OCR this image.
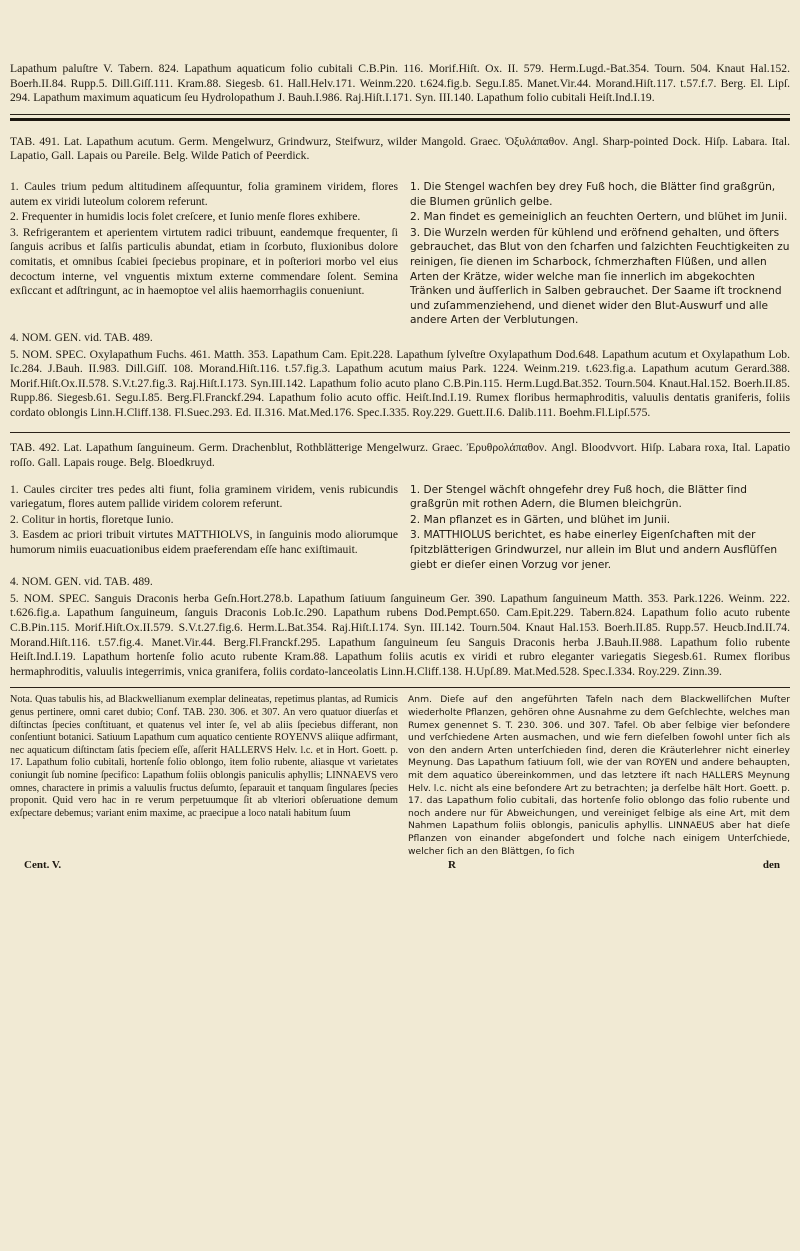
Lapathum paluſtre V. Tabern. 824. Lapathum aquaticum folio cubitali C.B.Pin. 116. Morif.Hiſt. Ox. II. 579. Herm.Lugd.-Bat.354. Tourn. 504. Knaut Hal.152. Boerh.II.84. Rupp.5. Dill.Giſſ.111. Kram.88. Siegesb. 61. Hall.Helv.171. Weinm.220. t.624.fig.b. Segu.I.85. Manet.Vir.44. Morand.Hiſt.117. t.57.f.7. Berg. El. Lipſ. 294. Lapathum maximum aquaticum ſeu Hydrolopathum J. Bauh.I.986. Raj.Hiſt.I.171. Syn. III.140. Lapathum folio cubitali Heiſt.Ind.I.19.

TAB. 491. Lat. Lapathum acutum. Germ. Mengelwurz, Grindwurz, Steifwurz, wilder Mangold. Graec. Ὀξυλάπαθον. Angl. Sharp-pointed Dock. Hiſp. Labara. Ital. Lapatio, Gall. Lapais ou Pareile. Belg. Wilde Patich of Peerdick.

1. Caules trium pedum altitudinem aſſequuntur, folia graminem viridem, flores autem ex viridi luteolum colorem referunt.

2. Frequenter in humidis locis folet creſcere, et Iunio menſe flores exhibere.

3. Refrigerantem et aperientem virtutem radici tribuunt, eandemque frequenter, ſi ſanguis acribus et ſalſis particulis abundat, etiam in ſcorbuto, fluxionibus dolore comitatis, et omnibus ſcabiei ſpeciebus propinare, et in poſteriori morbo vel eius decoctum interne, vel vnguentis mixtum externe commendare ſolent. Semina exſiccant et adſtringunt, ac in haemoptoe vel aliis haemorrhagiis conueniunt.

1. Die Stengel wachſen bey drey Fuß hoch, die Blätter ſind graßgrün, die Blumen grünlich gelbe.

2. Man findet es gemeiniglich an feuchten Oertern, und blühet im Junii.

3. Die Wurzeln werden für kühlend und eröfnend gehalten, und öfters gebrauchet, das Blut von den ſcharfen und ſalzichten Feuchtigkeiten zu reinigen, ſie dienen im Scharbock, ſchmerzhaften Flüßen, und allen Arten der Krätze, wider welche man ſie innerlich im abgekochten Tränken und äuſſerlich in Salben gebrauchet. Der Saame iſt trocknend und zuſammenziehend, und dienet wider den Blut-Auswurf und alle andere Arten der Verblutungen.

4. NOM. GEN. vid. TAB. 489.

5. NOM. SPEC. Oxylapathum Fuchs. 461. Matth. 353. Lapathum Cam. Epit.228. Lapathum ſylveſtre Oxylapathum Dod.648. Lapathum acutum et Oxylapathum Lob. Ic.284. J.Bauh. II.983. Dill.Giſſ. 108. Morand.Hiſt.116. t.57.fig.3. Lapathum acutum maius Park. 1224. Weinm.219. t.623.fig.a. Lapathum acutum Gerard.388. Morif.Hiſt.Ox.II.578. S.V.t.27.fig.3. Raj.Hiſt.I.173. Syn.III.142. Lapathum folio acuto plano C.B.Pin.115. Herm.Lugd.Bat.352. Tourn.504. Knaut.Hal.152. Boerh.II.85. Rupp.86. Siegesb.61. Segu.I.85. Berg.Fl.Franckf.294. Lapathum folio acuto offic. Heiſt.Ind.I.19. Rumex floribus hermaphroditis, valuulis dentatis graniferis, foliis cordato oblongis Linn.H.Cliff.138. Fl.Suec.293. Ed. II.316. Mat.Med.176. Spec.I.335. Roy.229. Guett.II.6. Dalib.111. Boehm.Fl.Lipſ.575.

TAB. 492. Lat. Lapathum ſanguineum. Germ. Drachenblut, Rothblätterige Mengelwurz. Graec. Ἐρυθρολάπαθον. Angl. Bloodvvort. Hiſp. Labara roxa, Ital. Lapatio roſſo. Gall. Lapais rouge. Belg. Bloedkruyd.

1. Caules circiter tres pedes alti fiunt, folia graminem viridem, venis rubicundis variegatum, flores autem pallide viridem colorem referunt.

2. Colitur in hortis, floretque Iunio.

3. Easdem ac priori tribuit virtutes MATTHIOLVS, in ſanguinis modo aliorumque humorum nimiis euacuationibus eidem praeferendam eſſe hanc exiſtimauit.

1. Der Stengel wächſt ohngefehr drey Fuß hoch, die Blätter ſind graßgrün mit rothen Adern, die Blumen bleichgrün.

2. Man pflanzet es in Gärten, und blühet im Junii.

3. MATTHIOLUS berichtet, es habe einerley Eigenſchaften mit der ſpitzblätterigen Grindwurzel, nur allein im Blut und andern Ausflüſſen giebt er dieſer einen Vorzug vor jener.

4. NOM. GEN. vid. TAB. 489.

5. NOM. SPEC. Sanguis Draconis herba Geſn.Hort.278.b. Lapathum ſatiuum ſanguineum Ger. 390. Lapathum ſanguineum Matth. 353. Park.1226. Weinm. 222. t.626.fig.a. Lapathum ſanguineum, ſanguis Draconis Lob.Ic.290. Lapathum rubens Dod.Pempt.650. Cam.Epit.229. Tabern.824. Lapathum folio acuto rubente C.B.Pin.115. Morif.Hiſt.Ox.II.579. S.V.t.27.fig.6. Herm.L.Bat.354. Raj.Hiſt.I.174. Syn. III.142. Tourn.504. Knaut Hal.153. Boerh.II.85. Rupp.57. Heucb.Ind.II.74. Morand.Hiſt.116. t.57.fig.4. Manet.Vir.44. Berg.Fl.Franckf.295. Lapathum ſanguineum ſeu Sanguis Draconis herba J.Bauh.II.988. Lapathum folio rubente Heiſt.Ind.I.19. Lapathum hortenſe folio acuto rubente Kram.88. Lapathum foliis acutis ex viridi et rubro eleganter variegatis Siegesb.61. Rumex floribus hermaphroditis, valuulis integerrimis, vnica granifera, foliis cordato-lanceolatis Linn.H.Cliff.138. H.Upſ.89. Mat.Med.528. Spec.I.334. Roy.229. Zinn.39.

Nota. Quas tabulis his, ad Blackwellianum exemplar delineatas, repetimus plantas, ad Rumicis genus pertinere, omni caret dubio; Conf. TAB. 230. 306. et 307. An vero quatuor diuerſas et diſtinctas ſpecies conſtituant, et quatenus vel inter ſe, vel ab aliis ſpeciebus differant, non conſentiunt botanici. Satiuum Lapathum cum aquatico centiente ROYENVS aliique adfirmant, nec aquaticum diſtinctam ſatis ſpeciem eſſe, aſſerit HALLERVS Helv. l.c. et in Hort. Goett. p. 17. Lapathum folio cubitali, hortenſe folio oblongo, item folio rubente, aliasque vt varietates coniungit ſub nomine ſpecifico: Lapathum foliis oblongis paniculis aphyllis; LINNAEVS vero omnes, charactere in primis a valuulis fructus deſumto, ſeparauit et tanquam ſingulares ſpecies proponit. Quid vero hac in re verum perpetuumque ſit ab vlteriori obſeruatione demum exſpectare debemus; variant enim maxime, ac praecipue a loco natali habitum ſuum

Anm. Dieſe auf den angeführten Tafeln nach dem Blackwelliſchen Muſter wiederholte Pflanzen, gehören ohne Ausnahme zu dem Geſchlechte, welches man Rumex genennet S. T. 230. 306. und 307. Tafel. Ob aber ſelbige vier beſondere und verſchiedene Arten ausmachen, und wie fern dieſelben ſowohl unter ſich als von den andern Arten unterſchieden ſind, deren die Kräuterlehrer nicht einerley Meynung. Das Lapathum ſatiuum ſoll, wie der van ROYEN und andere behaupten, mit dem aquatico übereinkommen, und das letztere iſt nach HALLERS Meynung Helv. l.c. nicht als eine beſondere Art zu betrachten; ja derſelbe hält Hort. Goett. p. 17. das Lapathum folio cubitali, das hortenſe folio oblongo das folio rubente und noch andere nur für Abweichungen, und vereiniget ſelbige als eine Art, mit dem Nahmen Lapathum foliis oblongis, paniculis aphyllis. LINNAEUS aber hat dieſe Pflanzen von einander abgeſondert und ſolche nach einigem Unterſchiede, welcher ſich an den Blättgen, ſo ſich

Cent. V.	R	den
